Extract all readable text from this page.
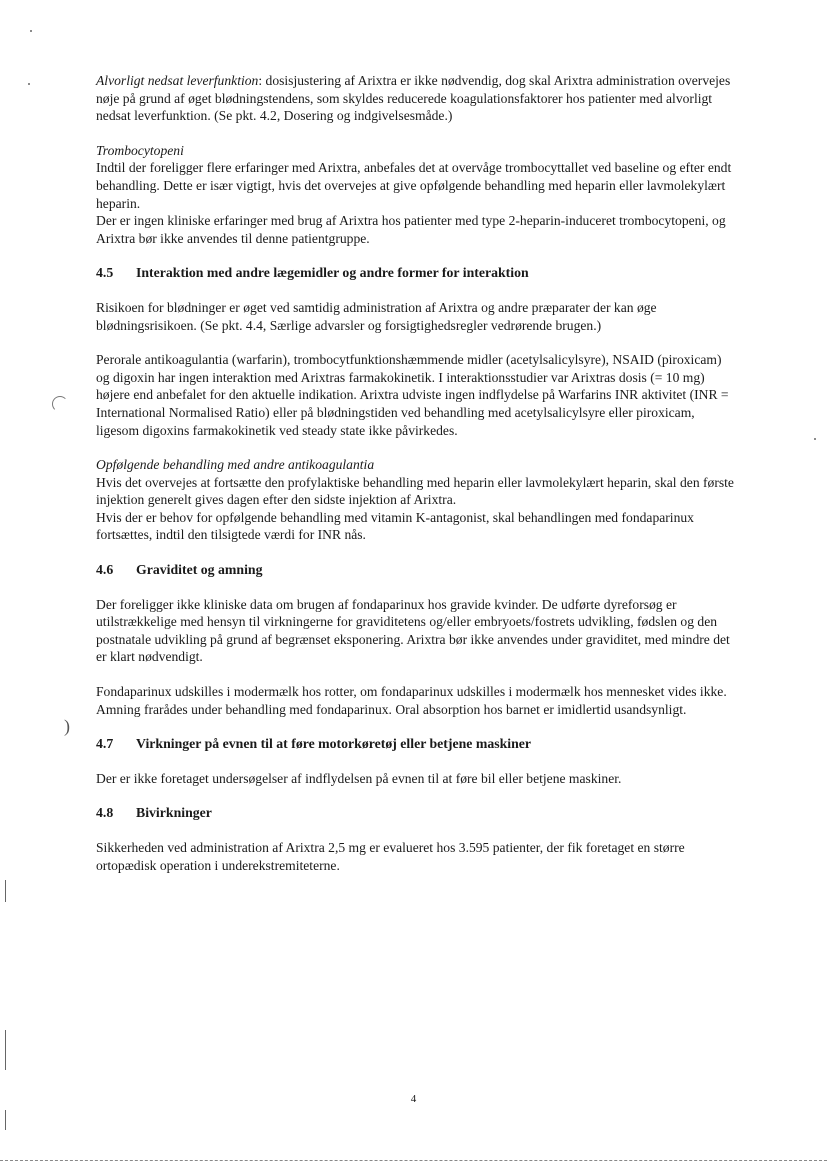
)

Alvorligt nedsat leverfunktion: dosisjustering af Arixtra er ikke nødvendig, dog skal Arixtra administration overvejes nøje på grund af øget blødningstendens, som skyldes reducerede koagulationsfaktorer hos patienter med alvorligt nedsat leverfunktion. (Se pkt. 4.2, Dosering og indgivelsesmåde.)

Trombocytopeni

Indtil der foreligger flere erfaringer med Arixtra, anbefales det at overvåge trombocyttallet ved baseline og efter endt behandling. Dette er især vigtigt, hvis det overvejes at give opfølgende behandling med heparin eller lavmolekylært heparin.

Der er ingen kliniske erfaringer med brug af Arixtra hos patienter med type 2-heparin-induceret trombocytopeni, og Arixtra bør ikke anvendes til denne patientgruppe.

4.5	Interaktion med andre lægemidler og andre former for interaktion

Risikoen for blødninger er øget ved samtidig administration af Arixtra og andre præparater der kan øge blødningsrisikoen. (Se pkt. 4.4, Særlige advarsler og forsigtighedsregler vedrørende brugen.)

Perorale antikoagulantia (warfarin), trombocytfunktionshæmmende midler (acetylsalicylsyre), NSAID (piroxicam) og digoxin har ingen interaktion med Arixtras farmakokinetik. I interaktionsstudier var Arixtras dosis (= 10 mg) højere end anbefalet for den aktuelle indikation. Arixtra udviste ingen indflydelse på Warfarins INR aktivitet (INR = International Normalised Ratio) eller på blødningstiden ved behandling med acetylsalicylsyre eller piroxicam, ligesom digoxins farmakokinetik ved steady state ikke påvirkedes.

Opfølgende behandling med andre antikoagulantia

Hvis det overvejes at fortsætte den profylaktiske behandling med heparin eller lavmolekylært heparin, skal den første injektion generelt gives dagen efter den sidste injektion af Arixtra.

Hvis der er behov for opfølgende behandling med vitamin K-antagonist, skal behandlingen med fondaparinux fortsættes, indtil den tilsigtede værdi for INR nås.

4.6	Graviditet og amning

Der foreligger ikke kliniske data om brugen af fondaparinux hos gravide kvinder. De udførte dyreforsøg er utilstrækkelige med hensyn til virkningerne for graviditetens og/eller embryoets/fostrets udvikling, fødslen og den postnatale udvikling på grund af begrænset eksponering. Arixtra bør ikke anvendes under graviditet, med mindre det er klart nødvendigt.

Fondaparinux udskilles i modermælk hos rotter, om fondaparinux udskilles i modermælk hos mennesket vides ikke. Amning frarådes under behandling med fondaparinux. Oral absorption hos barnet er imidlertid usandsynligt.

4.7	Virkninger på evnen til at føre motorkøretøj eller betjene maskiner

Der er ikke foretaget undersøgelser af indflydelsen på evnen til at føre bil eller betjene maskiner.

4.8	Bivirkninger

Sikkerheden ved administration af Arixtra 2,5 mg er evalueret hos 3.595 patienter, der fik foretaget en større ortopædisk operation i underekstremiteterne.

4
